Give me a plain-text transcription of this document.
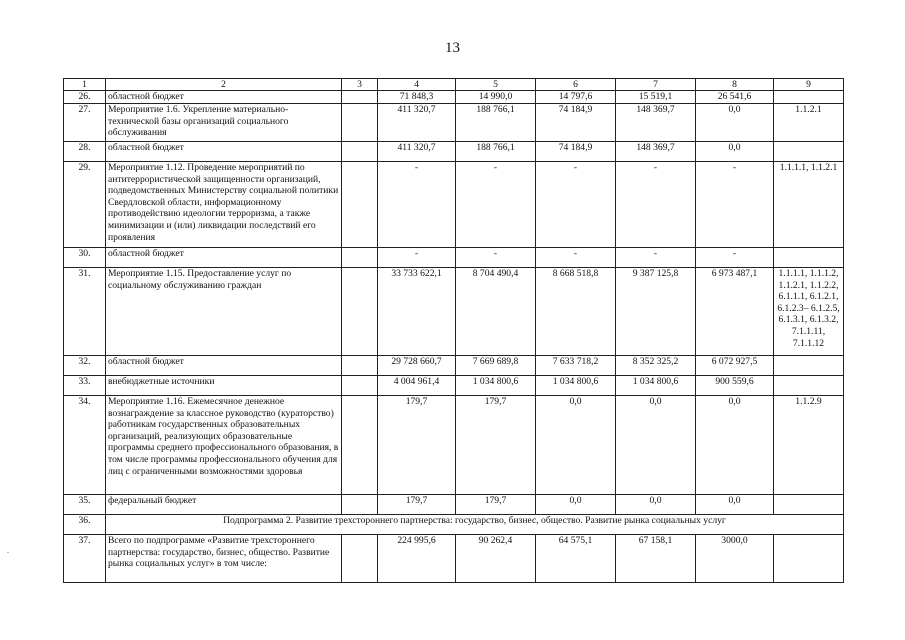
13
1	2	3	4	5	6	7	8	9
26.	областной бюджет		71 848,3	14 990,0	14 797,6	15 519,1	26 541,6	
27.	Мероприятие 1.6. Укрепление материально-технической базы организаций социального обслуживания		411 320,7	188 766,1	74 184,9	148 369,7	0,0	1.1.2.1
28.	областной бюджет		411 320,7	188 766,1	74 184,9	148 369,7	0,0	
29.	Мероприятие 1.12. Проведение мероприятий по антитеррористической защищенности организаций, подведомственных Министерству социальной политики Свердловской области, информационному противодействию идеологии терроризма, а также минимизации и (или) ликвидации последствий его проявления		-	-	-	-	-	1.1.1.1, 1.1.2.1
30.	областной бюджет		-	-	-	-	-	
31.	Мероприятие 1.15. Предоставление услуг по социальному обслуживанию граждан		33 733 622,1	8 704 490,4	8 668 518,8	9 387 125,8	6 973 487,1	1.1.1.1, 1.1.1.2, 1.1.2.1, 1.1.2.2, 6.1.1.1, 6.1.2.1, 6.1.2.3– 6.1.2.5, 6.1.3.1, 6.1.3.2, 7.1.1.11, 7.1.1.12
32.	областной бюджет		29 728 660,7	7 669 689,8	7 633 718,2	8 352 325,2	6 072 927,5	
33.	внебюджетные источники		4 004 961,4	1 034 800,6	1 034 800,6	1 034 800,6	900 559,6	
34.	Мероприятие 1.16. Ежемесячное денежное вознаграждение за классное руководство (кураторство) работникам государственных образовательных организаций, реализующих образовательные программы среднего профессионального образования, в том числе программы профессионального обучения для лиц с ограниченными возможностями здоровья		179,7	179,7	0,0	0,0	0,0	1.1.2.9
35.	федеральный бюджет		179,7	179,7	0,0	0,0	0,0	
36.	Подпрограмма 2. Развитие трехстороннего партнерства: государство, бизнес, общество. Развитие рынка социальных услуг							
37.	Всего по подпрограмме «Развитие трехстороннего партнерства: государство, бизнес, общество. Развитие рынка социальных услуг» в том числе:		224 995,6	90 262,4	64 575,1	67 158,1	3000,0	
.
